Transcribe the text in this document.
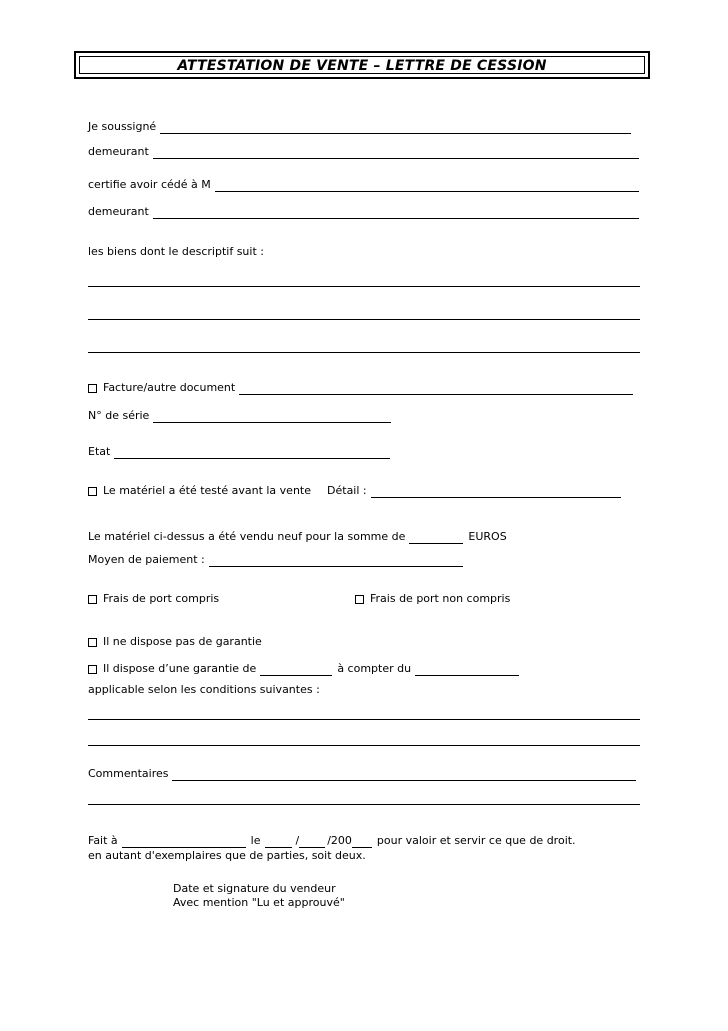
ATTESTATION DE VENTE – LETTRE DE CESSION
Je soussigné
demeurant
certifie avoir cédé à M
demeurant
les biens dont le descriptif suit :
Facture/autre document
N° de série
Etat
Le matériel a été testé avant la vente Détail :
Le matériel ci-dessus a été vendu neuf pour la somme de	EUROS
Moyen de paiement :
Frais de port compris	Frais de port non compris
Il ne dispose pas de garantie
Il dispose d’une garantie de	à compter du
applicable selon les conditions suivantes :
Commentaires
Fait à	le	/	/200 pour valoir et servir ce que de droit.
en autant d'exemplaires que de parties, soit deux.
Date et signature du vendeur
Avec mention "Lu et approuvé"
